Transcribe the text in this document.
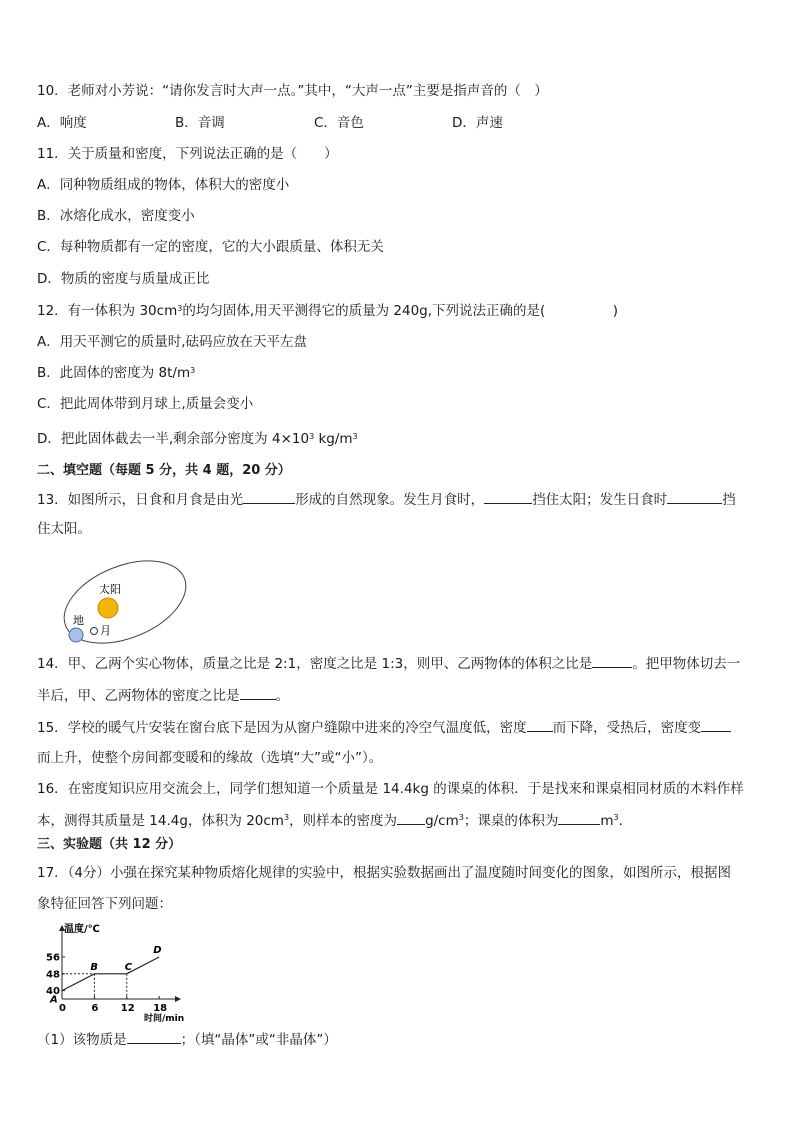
10．老师对小芳说：“请你发言时大声一点。”其中，“大声一点”主要是指声音的（　）
A．响度	B．音调	C．音色	D．声速
11．关于质量和密度，下列说法正确的是（　　）
A．同种物质组成的物体，体积大的密度小
B．冰熔化成水，密度变小
C．每种物质都有一定的密度，它的大小跟质量、体积无关
D．物质的密度与质量成正比
12．有一体积为 $30cm^3$的均匀固体,用天平测得它的质量为 240g,下列说法正确的是(　　　　　)
A．用天平测它的质量时,砝码应放在天平左盘
B．此固体的密度为 $8t/m^3$
C．把此周体带到月球上,质量会变小
D．把此固体截去一半,剩余部分密度为 $4\times 10^3$ $kg/m^3$
二、填空题（每题 5 分，共 4 题，20 分）
13．如图所示，日食和月食是由光	形成的自然现象。发生月食时，	挡住太阳；发生日食时	挡
住太阳。
太阳
地
月
14．甲、乙两个实心物体，质量之比是 2:1，密度之比是 1:3，则甲、乙两物体的体积之比是	。把甲物体切去一
半后，甲、乙两物体的密度之比是	。
15．学校的暖气片安装在窗台底下是因为从窗户缝隙中进来的冷空气温度低，密度 而下降，受热后，密度变
而上升，使整个房间都变暖和的缘故（选填“大”或“小”）。
16．在密度知识应用交流会上，同学们想知道一个质量是 14.4kg 的课桌的体积．于是找来和课桌相同材质的木料作样
本，测得其质量是 14.4g，体积为 $20cm^3$，则样本的密度为 $g/cm^3$；课桌的体积为	$m^3$.
三、实验题（共 12 分）
17．（4分）小强在探究某种物质熔化规律的实验中，根据实验数据画出了温度随时间变化的图象，如图所示，根据图
象特征回答下列问题：
40
48
56
0	6 12 18
A
B	C
D
温度/℃
时间/min
（1）该物质是	；（填“晶体”或“非晶体”）
